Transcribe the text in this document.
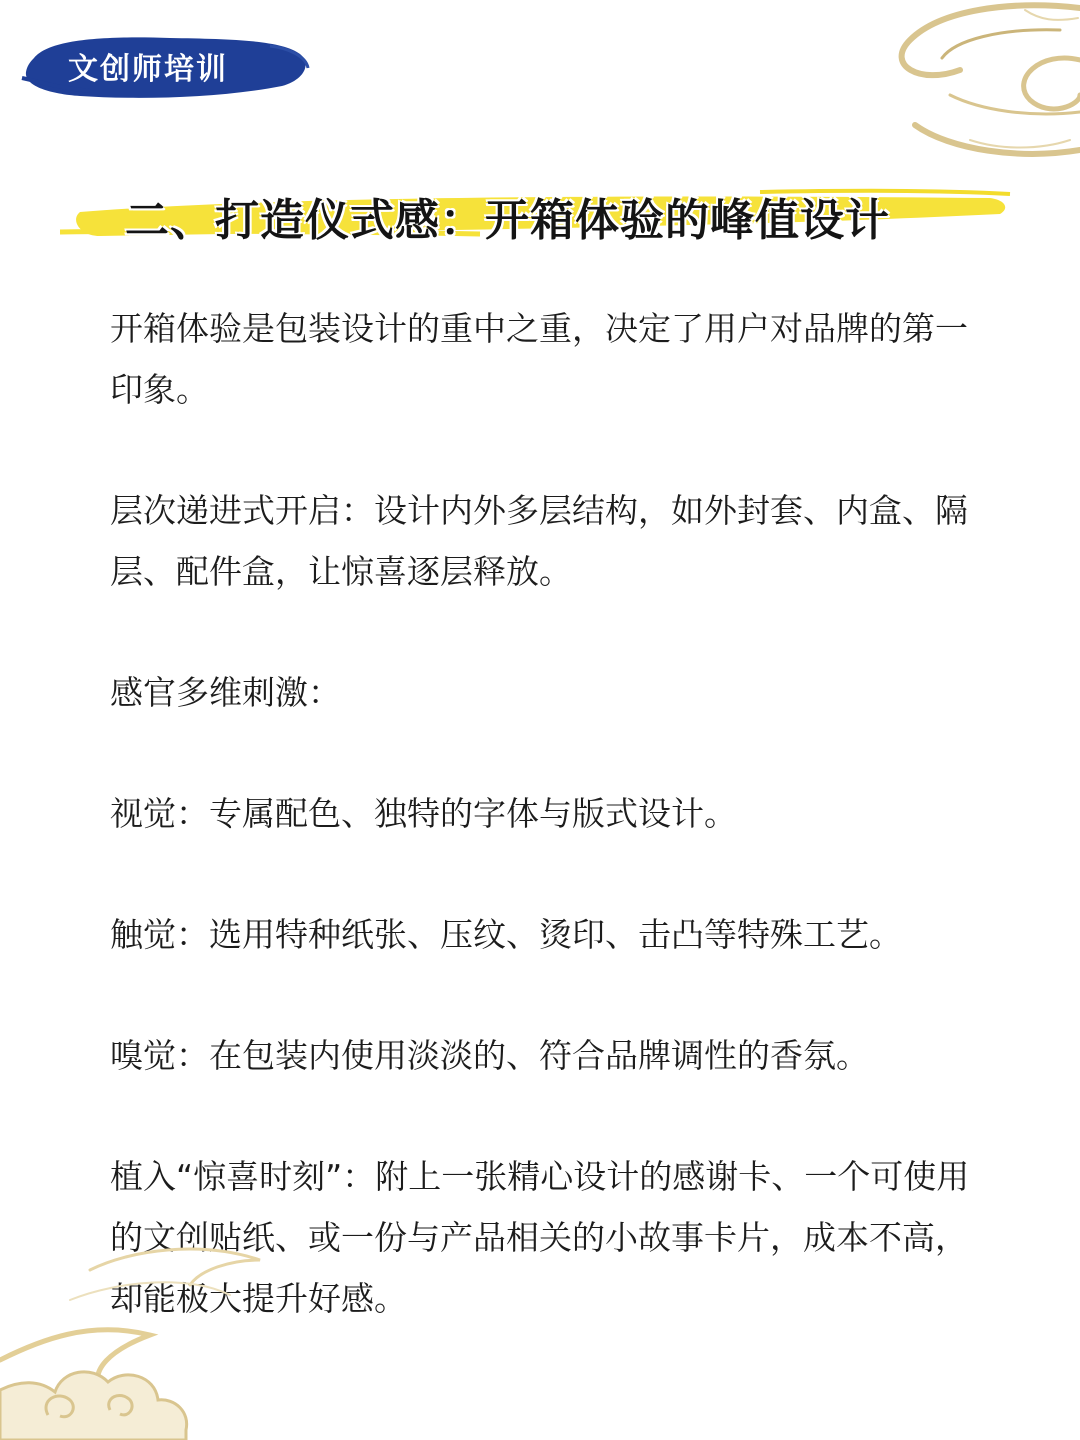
文创师培训
二、打造仪式感：开箱体验的峰值设计

开箱体验是包装设计的重中之重，决定了用户对品牌的第一印象。

层次递进式开启：设计内外多层结构，如外封套、内盒、隔层、配件盒，让惊喜逐层释放。

感官多维刺激：

视觉：专属配色、独特的字体与版式设计。

触觉：选用特种纸张、压纹、烫印、击凸等特殊工艺。

嗅觉：在包装内使用淡淡的、符合品牌调性的香氛。

植入“惊喜时刻”：附上一张精心设计的感谢卡、一个可使用的文创贴纸、或一份与产品相关的小故事卡片，成本不高，却能极大提升好感。
